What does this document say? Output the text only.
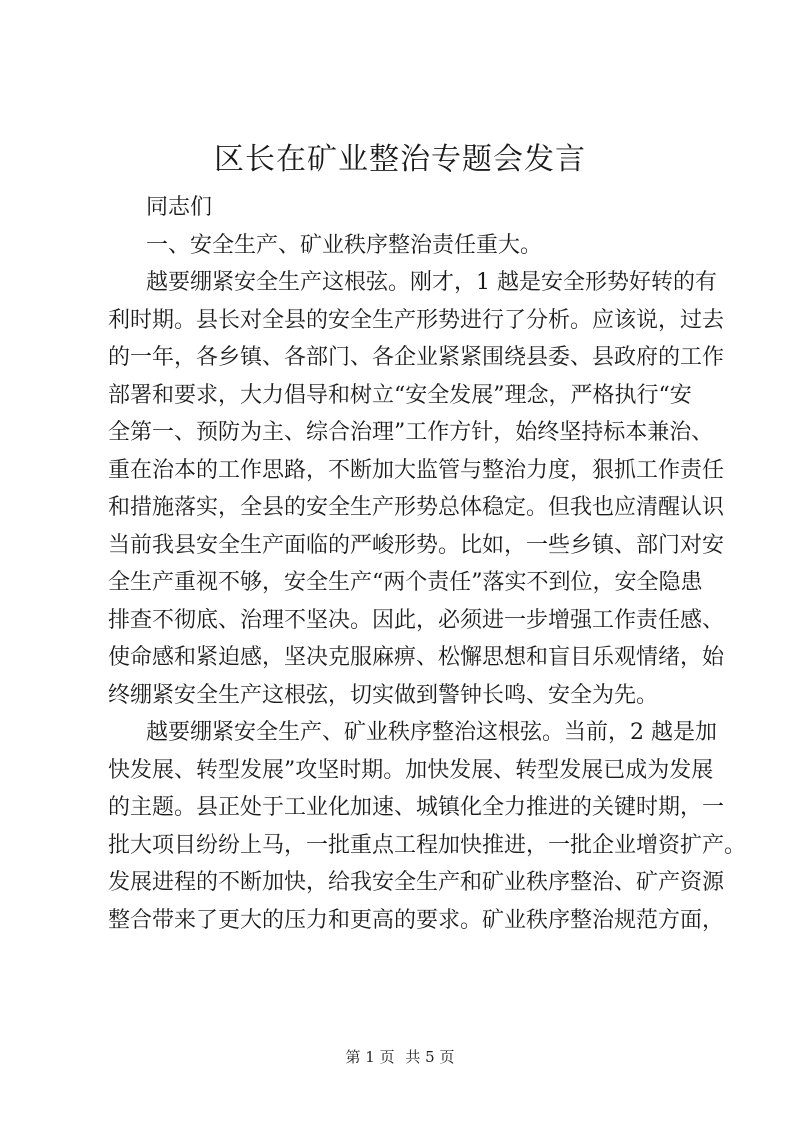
区长在矿业整治专题会发言

同志们

一、安全生产、矿业秩序整治责任重大。

越要绷紧安全生产这根弦。刚才，1 越是安全形势好转的有

利时期。县长对全县的安全生产形势进行了分析。应该说，过去

的一年，各乡镇、各部门、各企业紧紧围绕县委、县政府的工作

部署和要求，大力倡导和树立“安全发展”理念，严格执行“安

全第一、预防为主、综合治理”工作方针，始终坚持标本兼治、

重在治本的工作思路，不断加大监管与整治力度，狠抓工作责任

和措施落实，全县的安全生产形势总体稳定。但我也应清醒认识

当前我县安全生产面临的严峻形势。比如，一些乡镇、部门对安

全生产重视不够，安全生产“两个责任”落实不到位，安全隐患

排查不彻底、治理不坚决。因此，必须进一步增强工作责任感、

使命感和紧迫感，坚决克服麻痹、松懈思想和盲目乐观情绪，始

终绷紧安全生产这根弦，切实做到警钟长鸣、安全为先。

越要绷紧安全生产、矿业秩序整治这根弦。当前，2 越是加

快发展、转型发展”攻坚时期。加快发展、转型发展已成为发展

的主题。县正处于工业化加速、城镇化全力推进的关键时期，一

批大项目纷纷上马，一批重点工程加快推进，一批企业增资扩产。

发展进程的不断加快，给我安全生产和矿业秩序整治、矿产资源

整合带来了更大的压力和更高的要求。矿业秩序整治规范方面，

第 1 页 共 5 页
